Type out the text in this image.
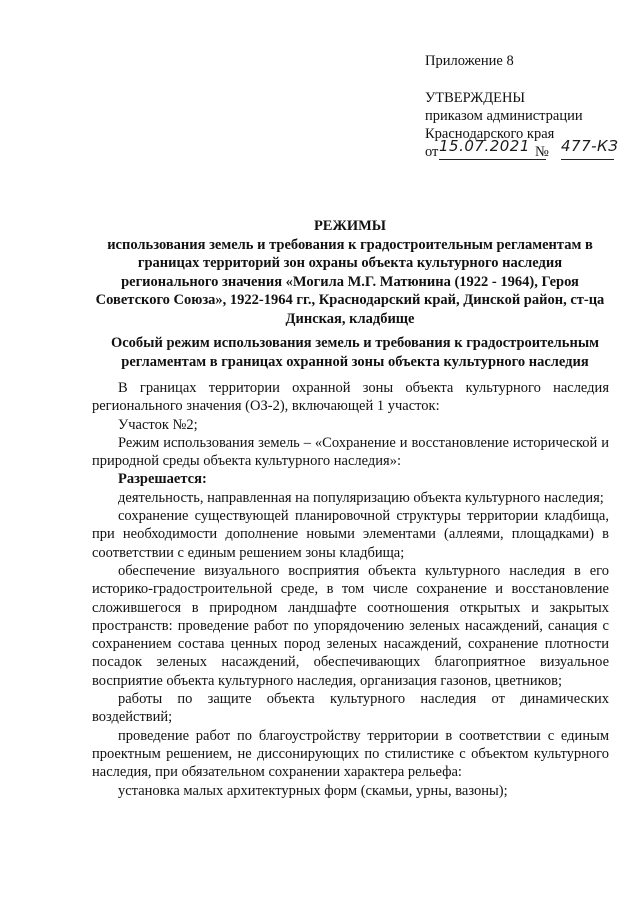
Приложение 8
УТВЕРЖДЕНЫ
приказом администрации
Краснодарского края
от 15.07.2021 № 477-КЗ
РЕЖИМЫ
использования земель и требования к градостроительным регламентам в границах территорий зон охраны объекта культурного наследия регионального значения «Могила М.Г. Матюнина (1922 - 1964), Героя Советского Союза», 1922-1964 гг., Краснодарский край, Динской район, ст-ца Динская, кладбище
Особый режим использования земель и требования к градостроительным регламентам в границах охранной зоны объекта культурного наследия

В границах территории охранной зоны объекта культурного наследия регионального значения (ОЗ-2), включающей 1 участок:

Участок №2;

Режим использования земель – «Сохранение и восстановление исторической и природной среды объекта культурного наследия»:

Разрешается:

деятельность, направленная на популяризацию объекта культурного наследия;

сохранение существующей планировочной структуры территории кладбища, при необходимости дополнение новыми элементами (аллеями, площадками) в соответствии с единым решением зоны кладбища;

обеспечение визуального восприятия объекта культурного наследия в его историко-градостроительной среде, в том числе сохранение и восстановление сложившегося в природном ландшафте соотношения открытых и закрытых пространств: проведение работ по упорядочению зеленых насаждений, санация с сохранением состава ценных пород зеленых насаждений, сохранение плотности посадок зеленых насаждений, обеспечивающих благоприятное визуальное восприятие объекта культурного наследия, организация газонов, цветников;

работы по защите объекта культурного наследия от динамических воздействий;

проведение работ по благоустройству территории в соответствии с единым проектным решением, не диссонирующих по стилистике с объектом культурного наследия, при обязательном сохранении характера рельефа:

установка малых архитектурных форм (скамьи, урны, вазоны);
